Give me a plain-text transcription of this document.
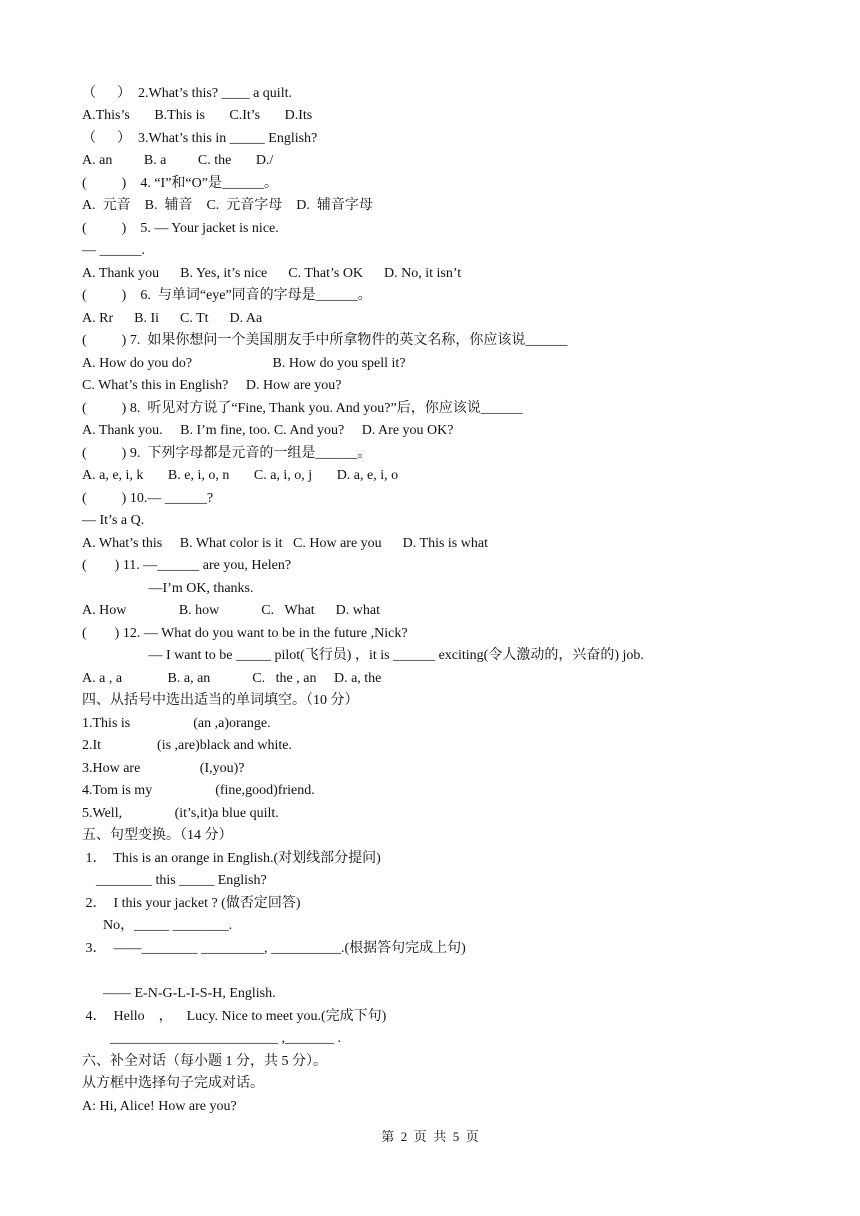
（      ）  2.What’s this? ____ a quilt.
A.This’s       B.This is       C.It’s       D.Its
（      ）  3.What’s this in _____ English?
A. an         B. a         C. the       D./
(          )    4. “I”和“O”是______。
A.  元音    B.  辅音    C.  元音字母    D.  辅音字母
(          )    5. — Your jacket is nice.
— ______.
A. Thank you      B. Yes, it’s nice      C. That’s OK      D. No, it isn’t
(          )    6.  与单词“eye”同音的字母是______。
A. Rr      B. Ii      C. Tt      D. Aa
(          ) 7.  如果你想问一个美国朋友手中所拿物件的英文名称，你应该说______
A. How do you do?                       B. How do you spell it?
C. What’s this in English?     D. How are you?
(          ) 8.  听见对方说了“Fine, Thank you. And you?”后，你应该说______
A. Thank you.     B. I’m fine, too. C. And you?     D. Are you OK?
(          ) 9.  下列字母都是元音的一组是______。
A. a, e, i, k       B. e, i, o, n       C. a, i, o, j       D. a, e, i, o
(          ) 10.— ______?
— It’s a Q.
A. What’s this     B. What color is it   C. How are you      D. This is what
(        ) 11. —______ are you, Helen?
—I’m OK, thanks.
A. How               B. how            C.   What      D. what
(        ) 12. — What do you want to be in the future ,Nick?
— I want to be _____ pilot(飞行员) ，it is ______ exciting(令人激动的，兴奋的) job.
A. a , a             B. a, an            C.   the , an     D. a, the
四、从括号中选出适当的单词填空。（10 分）
1.This is                  (an ,a)orange.
2.It                (is ,are)black and white.
3.How are                 (I,you)?
4.Tom is my                  (fine,good)friend.
5.Well,               (it’s,it)a blue quilt.
五、句型变换。（14 分）
1．  This is an orange in English.(对划线部分提问)
________ this _____ English?
2．  I this your jacket ? (做否定回答)
No，_____ ________.
3．  ——________ _________, __________.(根据答句完成上句)
—— E-N-G-L-I-S-H, English.
4．  Hello    ，    Lucy. Nice to meet you.(完成下句)
________________________ ,_______ .
六、补全对话（每小题 1 分，共 5 分）。
从方框中选择句子完成对话。
A: Hi, Alice! How are you?
第  2  页  共  5  页
